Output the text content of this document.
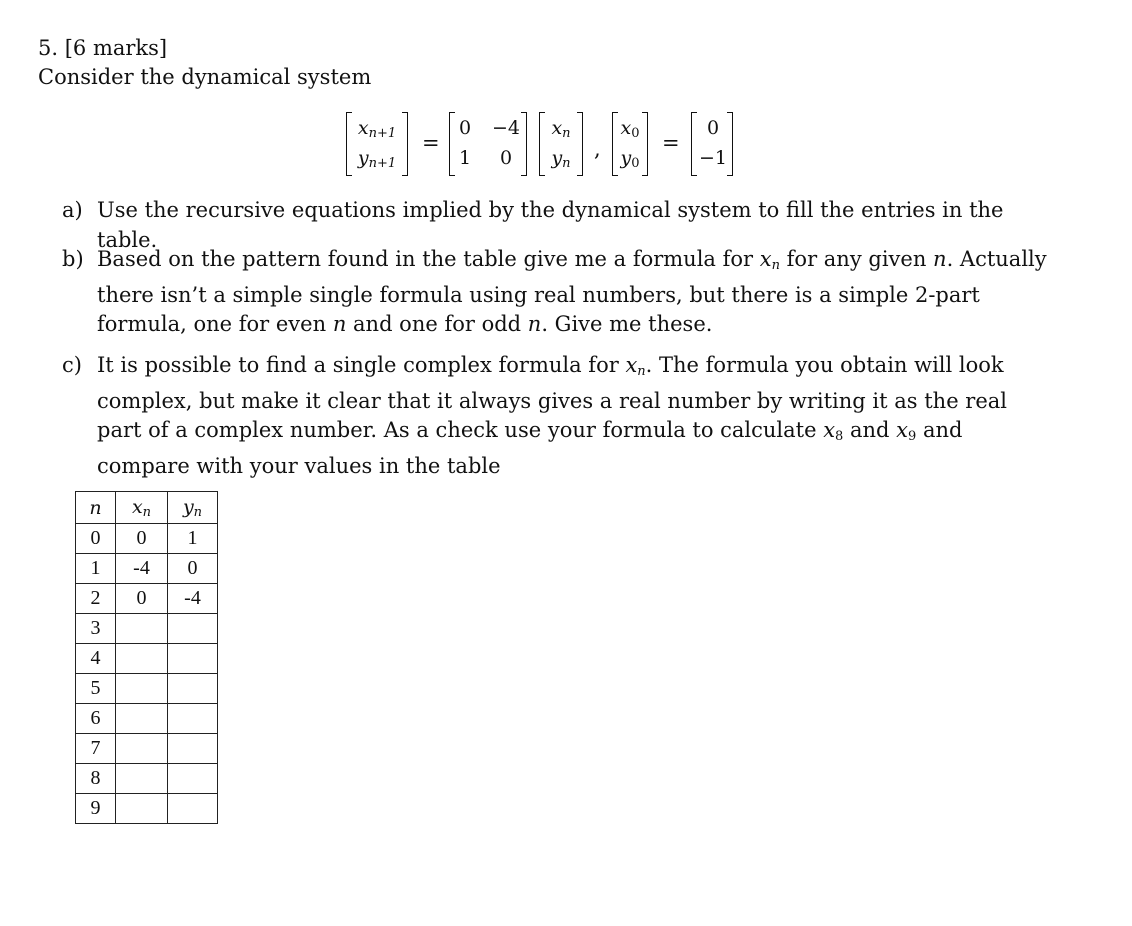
5. [6 marks]
Consider the dynamical system
$x_{n+1}$
$y_{n+1}$
=
0 −4
1	0
$x_n$
$y_n$
,
$x_0$
$y_0$
=
0
−1
a) Use the recursive equations implied by the dynamical system to fill the entries in the table.
b) Based on the pattern found in the table give me a formula for $x_n$ for any given n. Actually there isn’t a simple single formula using real numbers, but there is a simple 2-part formula, one for even n and one for odd n. Give me these.
c) It is possible to find a single complex formula for $x_n$. The formula you obtain will look complex, but make it clear that it always gives a real number by writing it as the real part of a complex number. As a check use your formula to calculate $x_8$ and $x_9$ and compare with your values in the table
n	$x_n$	$y_n$
0	0	1
1	-4	0
2	0	-4
3		
4		
5		
6		
7		
8		
9		
